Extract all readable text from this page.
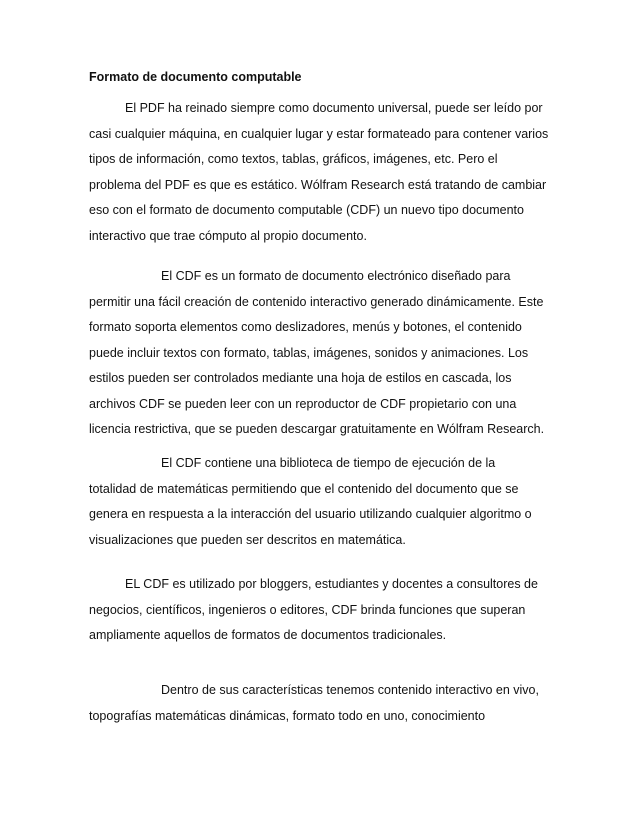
Formato de documento computable
El PDF ha reinado siempre como documento universal, puede ser leído por
casi cualquier máquina, en cualquier lugar y estar formateado para contener varios
tipos de información, como textos, tablas, gráficos, imágenes, etc. Pero el
problema del PDF es que es estático. Wólfram Research está tratando de cambiar
eso con el formato de documento computable (CDF) un nuevo tipo documento
interactivo que trae cómputo al propio documento.
El CDF es un formato de documento electrónico diseñado para
permitir una fácil creación de contenido interactivo generado dinámicamente. Este
formato soporta elementos como deslizadores, menús y botones, el contenido
puede incluir textos con formato, tablas, imágenes, sonidos y animaciones. Los
estilos pueden ser controlados mediante una hoja de estilos en cascada, los
archivos CDF se pueden leer con un reproductor de CDF propietario con una
licencia restrictiva, que se pueden descargar gratuitamente en Wólfram Research.
El CDF contiene una biblioteca de tiempo de ejecución de la
totalidad de matemáticas permitiendo que el contenido del documento que se
genera en respuesta a la interacción del usuario utilizando cualquier algoritmo o
visualizaciones que pueden ser descritos en matemática.
EL CDF es utilizado por bloggers, estudiantes y docentes a consultores de
negocios, científicos, ingenieros o editores, CDF brinda funciones que superan
ampliamente aquellos de formatos de documentos tradicionales.
Dentro de sus características tenemos contenido interactivo en vivo,
topografías matemáticas dinámicas, formato todo en uno, conocimiento
